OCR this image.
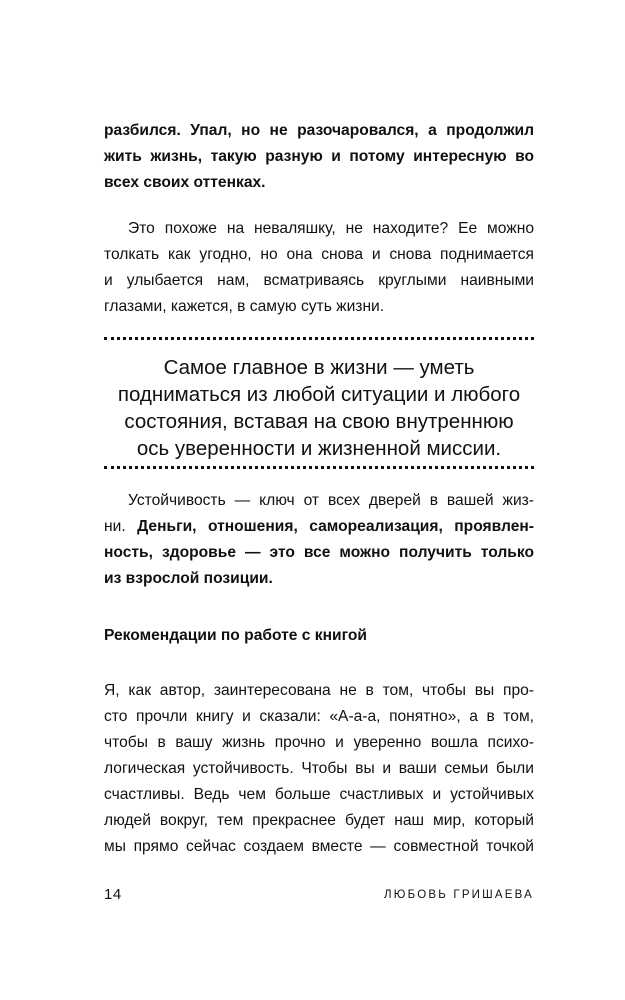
разбился. Упал, но не разочаровался, а продолжил
жить жизнь, такую разную и потому интересную во
всех своих оттенках.
Это похоже на неваляшку, не находите? Ее можно
толкать как угодно, но она снова и снова поднимается
и улыбается нам, всматриваясь круглыми наивными
глазами, кажется, в самую суть жизни.
Самое главное в жизни — уметь
подниматься из любой ситуации и любого
состояния, вставая на свою внутреннюю
ось уверенности и жизненной миссии.
Устойчивость — ключ от всех дверей в вашей жиз-
ни. Деньги, отношения, самореализация, проявлен-
ность, здоровье — это все можно получить только
из взрослой позиции.
Рекомендации по работе с книгой
Я, как автор, заинтересована не в том, чтобы вы про-
сто прочли книгу и сказали: «А-а-а, понятно», а в том,
чтобы в вашу жизнь прочно и уверенно вошла психо-
логическая устойчивость. Чтобы вы и ваши семьи были
счастливы. Ведь чем больше счастливых и устойчивых
людей вокруг, тем прекраснее будет наш мир, который
мы прямо сейчас создаем вместе — совместной точкой
14	ЛЮБОВЬ ГРИШАЕВА
